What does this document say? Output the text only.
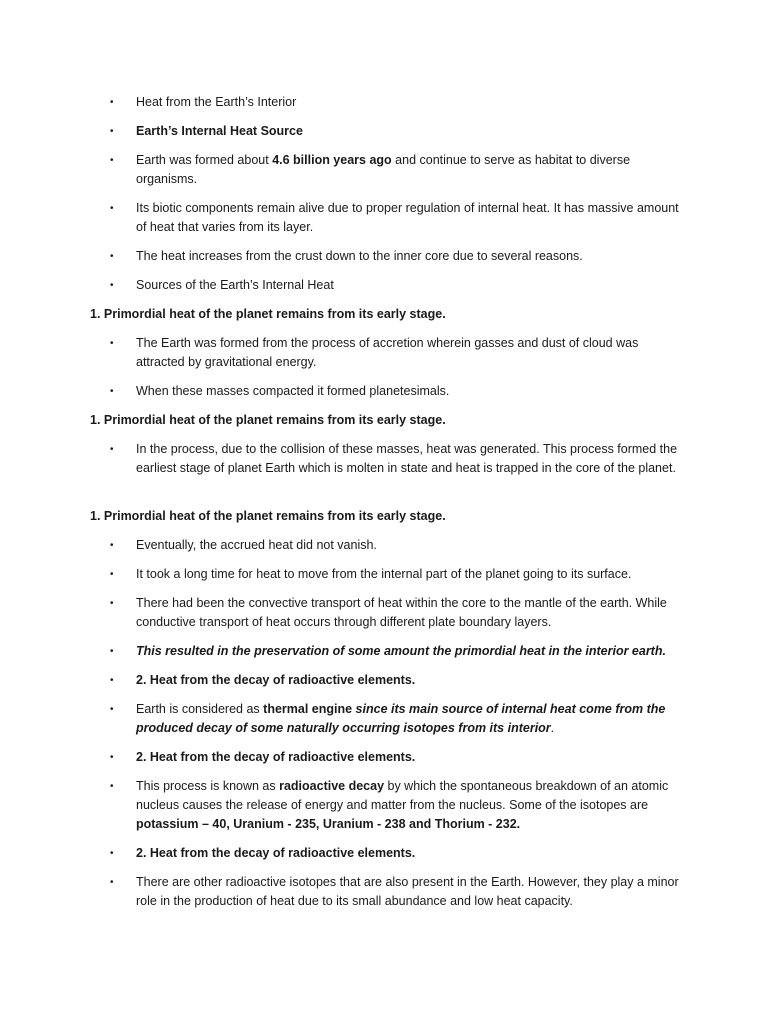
•	Heat from the Earth’s Interior
•	Earth’s Internal Heat Source
•	Earth was formed about 4.6 billion years ago and continue to serve as habitat to diverse organisms.
•	Its biotic components remain alive due to proper regulation of internal heat. It has massive amount of heat that varies from its layer.
•	The heat increases from the crust down to the inner core due to several reasons.
•	Sources of the Earth’s Internal Heat
1. Primordial heat of the planet remains from its early stage.
•	The Earth was formed from the process of accretion wherein gasses and dust of cloud was attracted by gravitational energy.
•	When these masses compacted it formed planetesimals.
1. Primordial heat of the planet remains from its early stage.
•	In the process, due to the collision of these masses, heat was generated. This process formed the earliest stage of planet Earth which is molten in state and heat is trapped in the core of the planet.
1. Primordial heat of the planet remains from its early stage.
•	Eventually, the accrued heat did not vanish.
•	It took a long time for heat to move from the internal part of the planet going to its surface.
•	There had been the convective transport of heat within the core to the mantle of the earth. While conductive transport of heat occurs through different plate boundary layers.
•	This resulted in the preservation of some amount the primordial heat in the interior earth.
•	2. Heat from the decay of radioactive elements.
•	Earth is considered as thermal engine since its main source of internal heat come from the produced decay of some naturally occurring isotopes from its interior.
•	2. Heat from the decay of radioactive elements.
•	This process is known as radioactive decay by which the spontaneous breakdown of an atomic nucleus causes the release of energy and matter from the nucleus. Some of the isotopes are potassium – 40, Uranium - 235, Uranium - 238 and Thorium - 232.
•	2. Heat from the decay of radioactive elements.
•	There are other radioactive isotopes that are also present in the Earth. However, they play a minor role in the production of heat due to its small abundance and low heat capacity.
